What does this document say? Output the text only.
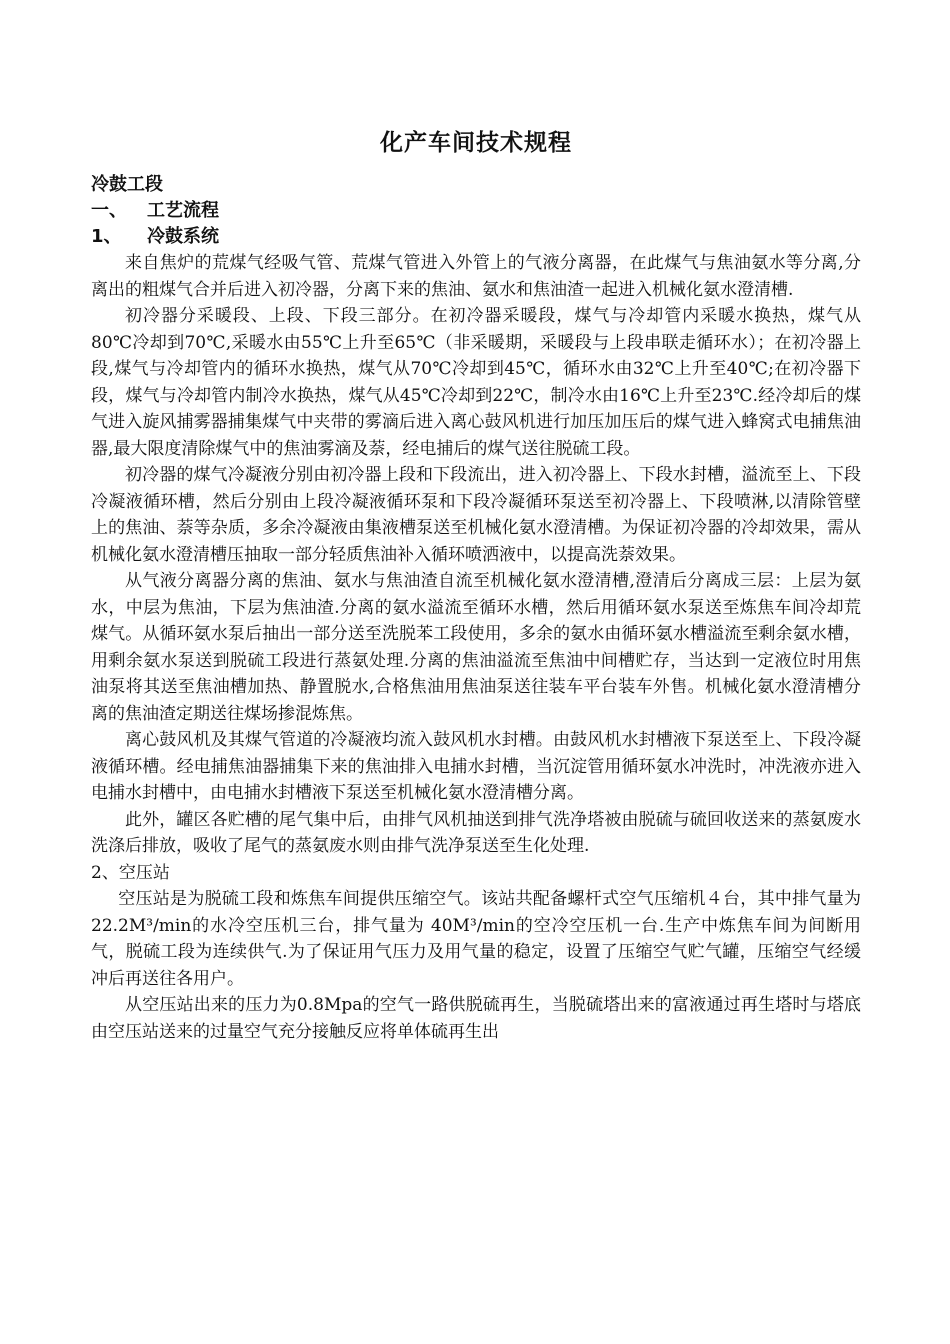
化产车间技术规程

冷鼓工段

一、 工艺流程

1、 冷鼓系统

来自焦炉的荒煤气经吸气管、荒煤气管进入外管上的气液分离器，在此煤气与焦油氨水等分离,分离出的粗煤气合并后进入初冷器，分离下来的焦油、氨水和焦油渣一起进入机械化氨水澄清槽.

初冷器分采暖段、上段、下段三部分。在初冷器采暖段，煤气与冷却管内采暖水换热，煤气从80℃冷却到70℃,采暖水由55℃上升至65℃（非采暖期，采暖段与上段串联走循环水）；在初冷器上段,煤气与冷却管内的循环水换热，煤气从70℃冷却到45℃，循环水由32℃上升至40℃;在初冷器下段，煤气与冷却管内制冷水换热，煤气从45℃冷却到22℃，制冷水由16℃上升至23℃.经冷却后的煤气进入旋风捕雾器捕集煤气中夹带的雾滴后进入离心鼓风机进行加压加压后的煤气进入蜂窝式电捕焦油器,最大限度清除煤气中的焦油雾滴及萘，经电捕后的煤气送往脱硫工段。

初冷器的煤气冷凝液分别由初冷器上段和下段流出，进入初冷器上、下段水封槽，溢流至上、下段冷凝液循环槽，然后分别由上段冷凝液循环泵和下段冷凝循环泵送至初冷器上、下段喷淋,以清除管壁上的焦油、萘等杂质，多余冷凝液由集液槽泵送至机械化氨水澄清槽。为保证初冷器的冷却效果，需从机械化氨水澄清槽压抽取一部分轻质焦油补入循环喷洒液中，以提高洗萘效果。

从气液分离器分离的焦油、氨水与焦油渣自流至机械化氨水澄清槽,澄清后分离成三层：上层为氨水，中层为焦油，下层为焦油渣.分离的氨水溢流至循环水槽，然后用循环氨水泵送至炼焦车间冷却荒煤气。从循环氨水泵后抽出一部分送至洗脱苯工段使用，多余的氨水由循环氨水槽溢流至剩余氨水槽，用剩余氨水泵送到脱硫工段进行蒸氨处理.分离的焦油溢流至焦油中间槽贮存，当达到一定液位时用焦油泵将其送至焦油槽加热、静置脱水,合格焦油用焦油泵送往装车平台装车外售。机械化氨水澄清槽分离的焦油渣定期送往煤场掺混炼焦。

离心鼓风机及其煤气管道的冷凝液均流入鼓风机水封槽。由鼓风机水封槽液下泵送至上、下段冷凝液循环槽。经电捕焦油器捕集下来的焦油排入电捕水封槽，当沉淀管用循环氨水冲洗时，冲洗液亦进入电捕水封槽中，由电捕水封槽液下泵送至机械化氨水澄清槽分离。

此外，罐区各贮槽的尾气集中后，由排气风机抽送到排气洗净塔被由脱硫与硫回收送来的蒸氨废水洗涤后排放，吸收了尾气的蒸氨废水则由排气洗净泵送至生化处理.

2、空压站

空压站是为脱硫工段和炼焦车间提供压缩空气。该站共配备螺杆式空气压缩机４台，其中排气量为22.2M³/min的水冷空压机三台，排气量为 40M³/min的空冷空压机一台.生产中炼焦车间为间断用气，脱硫工段为连续供气.为了保证用气压力及用气量的稳定，设置了压缩空气贮气罐，压缩空气经缓冲后再送往各用户。

从空压站出来的压力为0.8Mpa的空气一路供脱硫再生，当脱硫塔出来的富液通过再生塔时与塔底由空压站送来的过量空气充分接触反应将单体硫再生出
